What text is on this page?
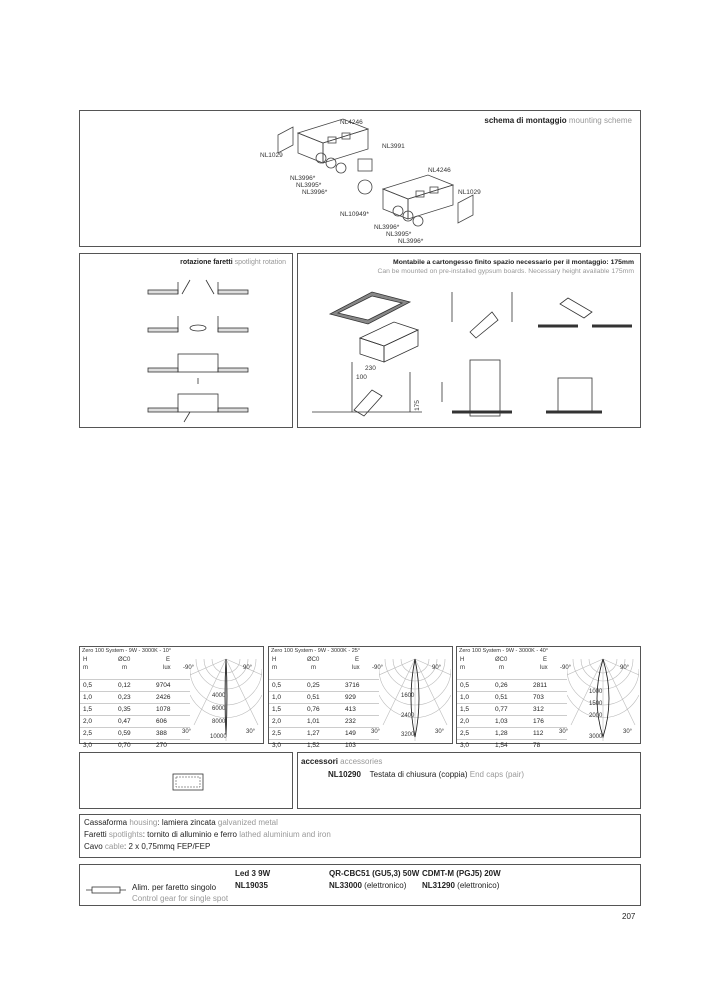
schema di montaggio mounting scheme
NL4246
NL1029
NL3991
NL3996*
NL3995*
NL3996*
NL4246
NL1029
NL10949*
NL3996*
NL3995*
NL3996*
rotazione faretti spotlight rotation	Montabile a cartongesso finito spazio necessario per il montaggio: 175mm
Can be mounted on pre-installed gypsum boards. Necessary height available 175mm
230
100
175
Zero 100 System - 9W - 3000K - 10°
H
m
ØC0
m
E
lux
0,5	0,12	9704
1,0	0,23	2426
1,5	0,35	1078
2,0	0,47	606
2,5	0,59	388
3,0	0,70	270
-90°	90°
30°	30°
4000
6000
8000
10000
Zero 100 System - 9W - 3000K - 25°
H
m
ØC0
m
E
lux
0,5	0,25	3716
1,0	0,51	929
1,5	0,76	413
2,0	1,01	232
2,5	1,27	149
3,0	1,52	103
-90°	90°
30°	30°
1600
2400
3200
Zero 100 System - 9W - 3000K - 40°
H
m
ØC0
m
E
lux
0,5	0,26	2811
1,0	0,51	703
1,5	0,77	312
2,0	1,03	176
2,5	1,28	112
3,0	1,54	78
-90°	90°
30°	30°
1000
1500
2000
3000
accessori accessories
NL10290 Testata di chiusura (coppia) End caps (pair)
Cassaforma housing: lamiera zincata galvanized metal
Faretti spotlights: tornito di alluminio e ferro lathed aluminium and iron
Cavo cable: 2 x 0,75mmq FEP/FEP
Alim. per faretto singolo
Control gear for single spot
Led 3 9W
NL19035
QR-CBC51 (GU5,3) 50W
NL33000 (elettronico)
CDMT-M (PGJ5) 20W
NL31290 (elettronico)
207
